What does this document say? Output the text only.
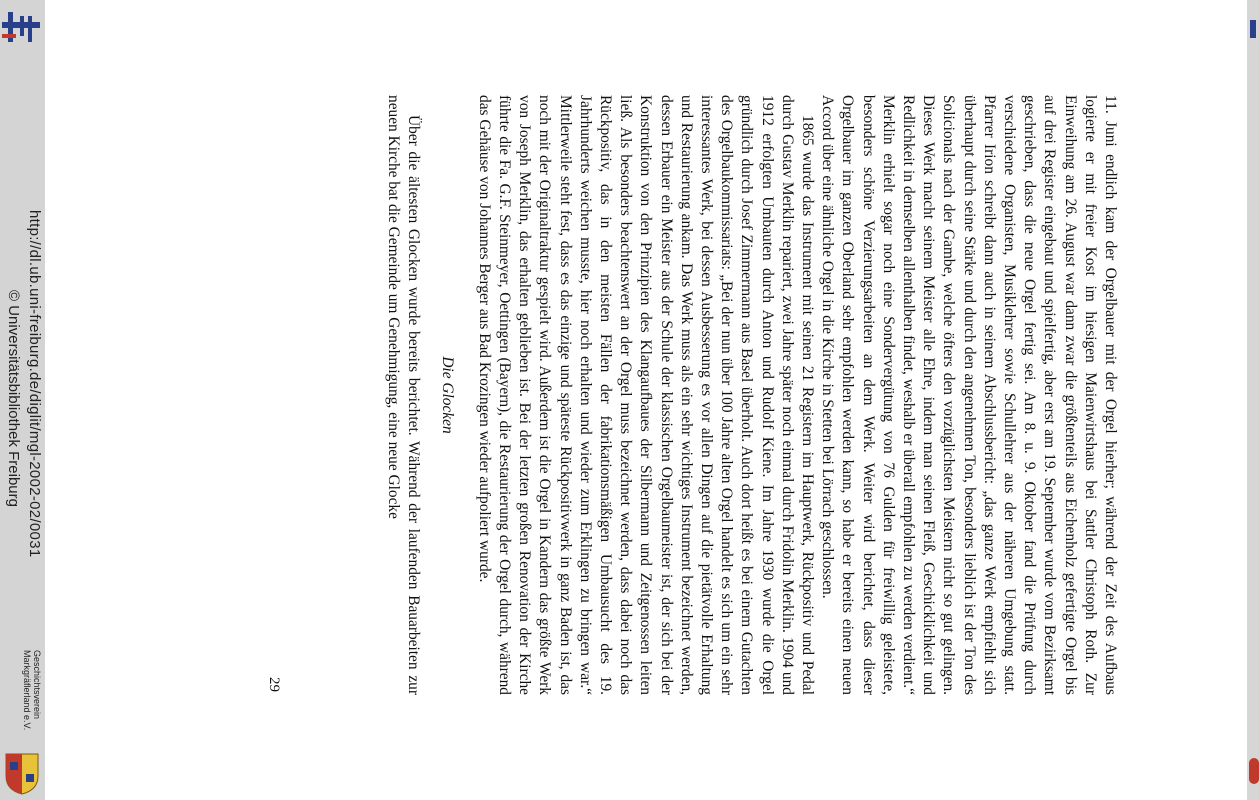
http://dl.ub.uni-freiburg.de/diglit/mgl-2002-02/0031
© Universitätsbibliothek Freiburg
Geschichtsverein
Markgräflerland e.V.	11. Juni endlich kam der Orgelbauer mit der Orgel hierher; während der Zeit des Aufbaus logierte er mit freier Kost im hiesigen Maienwirtshaus bei Sattler Christoph Roth. Zur Einweihung am 26. August war dann zwar die größtenteils aus Eichenholz gefertigte Orgel bis auf drei Register eingebaut und spielfertig, aber erst am 19. September wurde vom Bezirksamt geschrieben, dass die neue Orgel fertig sei. Am 8. u. 9. Oktober fand die Prüfung durch verschiedene Organisten, Musiklehrer sowie Schullehrer aus der näheren Umgebung statt. Pfarrer Irion schreibt dann auch in seinem Abschlussbericht: „das ganze Werk empfiehlt sich überhaupt durch seine Stärke und durch den angenehmen Ton, besonders lieblich ist der Ton des Solicionals nach der Gambe, welche öfters den vorzüglichsten Meistern nicht so gut gelingen. Dieses Werk macht seinem Meister alle Ehre, indem man seinen Fleiß, Geschicklichkeit und Redlichkeit in demselben allenthalben findet, weshalb er überall empfohlen zu werden verdient.“ Merklin erhielt sogar noch eine Sondervergütung von 76 Gulden für freiwillig geleistete, besonders schöne Verzierungsarbeiten an dem Werk. Weiter wird berichtet, dass dieser Orgelbauer im ganzen Oberland sehr empfohlen werden kann, so habe er bereits einen neuen Accord über eine ähnliche Orgel in die Kirche in Stetten bei Lörrach geschlossen.

1865 wurde das Instrument mit seinen 21 Registern im Hauptwerk, Rückpositiv und Pedal durch Gustav Merklin repariert, zwei Jahre später noch einmal durch Fridolin Merklin. 1904 und 1912 erfolgten Umbauten durch Anton und Rudolf Kiene. Im Jahre 1930 wurde die Orgel gründlich durch Josef Zimmermann aus Basel überholt. Auch dort heißt es bei einem Gutachten des Orgelbaukommissariats: „Bei der nun über 100 Jahre alten Orgel handelt es sich um ein sehr interessantes Werk, bei dessen Ausbesserung es vor allen Dingen auf die pietätvolle Erhaltung und Restaurierung ankam. Das Werk muss als ein sehr wichtiges Instrument bezeichnet werden, dessen Erbauer ein Meister aus der Schule der klassischen Orgelbaumeister ist, der sich bei der Konstruktion von den Prinzipien des Klangaufbaues der Silbermann und Zeitgenossen leiten ließ. Als besonders beachtenswert an der Orgel muss bezeichnet werden, dass dabei noch das Rückpositiv, das in den meisten Fällen der fabrikationsmäßigen Umbausucht des 19. Jahrhunderts weichen musste, hier noch erhalten und wieder zum Erklingen zu bringen war.“ Mittlerweile steht fest, dass es das einzige und späteste Rückpositivwerk in ganz Baden ist, das noch mit der Originaltraktur gespielt wird. Außerdem ist die Orgel in Kandern das größte Werk von Joseph Merklin, das erhalten geblieben ist. Bei der letzten großen Renovation der Kirche führte die Fa. G.F. Steinmeyer, Oettingen (Bayern), die Restaurierung der Orgel durch, während das Gehäuse von Johannes Berger aus Bad Krozingen wieder aufpoliert wurde.

Die Glocken

Über die ältesten Glocken wurde bereits berichtet. Während der laufenden Bauarbeiten zur neuen Kirche bat die Gemeinde um Genehmigung, eine neue Glocke

29
